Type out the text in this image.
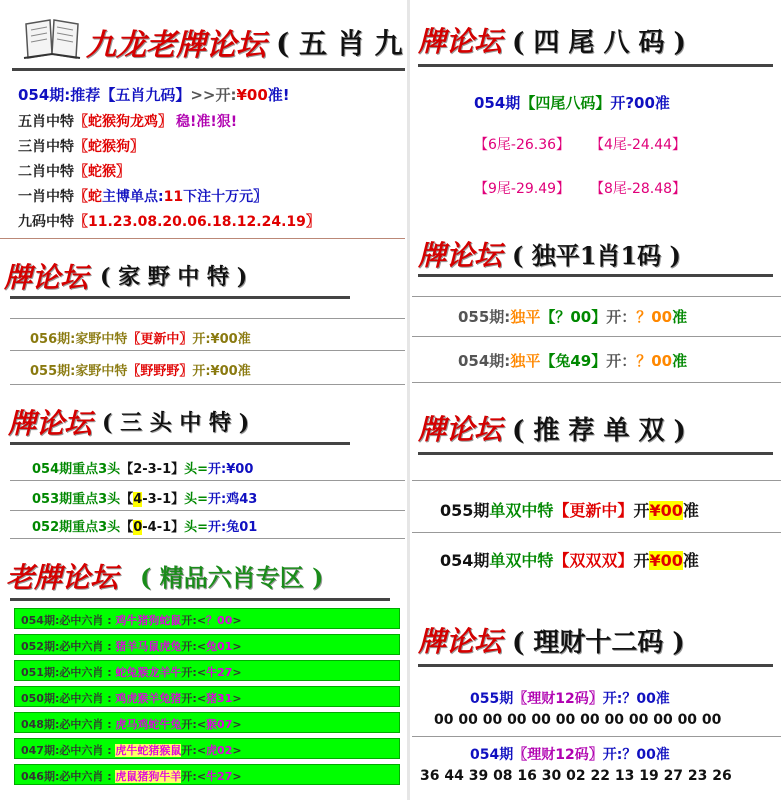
九龙老牌论坛 ( 五 肖 九
054期:推荐【五肖九码】>>开:¥00准!
五肖中特〖蛇猴狗龙鸡〗 稳!准!狠!
三肖中特〖蛇猴狗〗
二肖中特〖蛇猴〗
一肖中特〖蛇主博单点:11下注十万元〗
九码中特〖11.23.08.20.06.18.12.24.19〗
牌论坛 ( 家 野 中 特 )
056期:家野中特〖更新中〗开:¥00准
055期:家野中特〖野野野〗开:¥00准
牌论坛 ( 三 头 中 特 )
054期重点3头【2-3-1】头=开:¥00
053期重点3头【4-3-1】头=开:鸡43
052期重点3头【0-4-1】头=开:兔01
老牌论坛 ( 精品六肖专区 )
054期:必中六肖 : 鸡牛猪狗蛇鼠开:<？00>
052期:必中六肖 : 猪羊马鼠虎兔开:<兔01>
051期:必中六肖 : 蛇兔猴龙羊牛开:<牛27>
050期:必中六肖 : 鸡虎猴羊兔猪开:<猪31>
048期:必中六肖 : 虎马鸡蛇牛兔开:<猴07>
047期:必中六肖 : 虎牛蛇猪猴鼠开:<虎02>
046期:必中六肖 : 虎鼠猪狗牛羊开:<牛27>
牌论坛 ( 四 尾 八 码 )
054期【四尾八码】开?00准
【6尾-26.36】 【4尾-24.44】
【9尾-29.49】 【8尾-28.48】
牌论坛 ( 独平1肖1码 )
055期:独平【？00】开：？00准
054期:独平【兔49】开：？00准
牌论坛 ( 推 荐 单 双 )
055期单双中特【更新中】开¥00准
054期单双中特【双双双】开¥00准
牌论坛 ( 理财十二码 )
055期〖理财12码〗开:？00准
00 00 00 00 00 00 00 00 00 00 00 00
054期〖理财12码〗开:？00准
36 44 39 08 16 30 02 22 13 19 27 23 26
